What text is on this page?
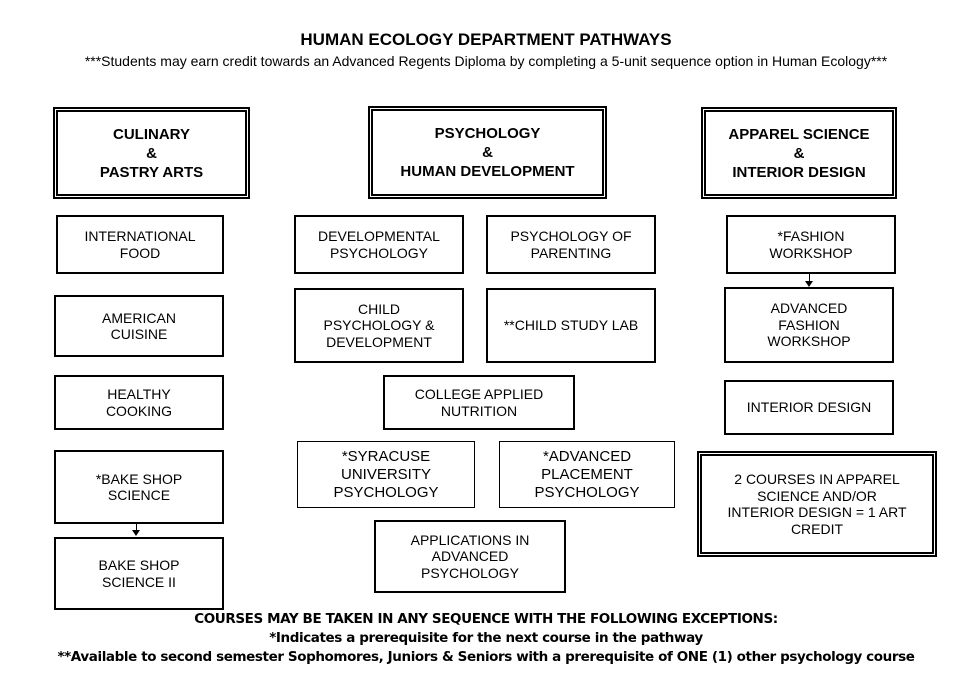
HUMAN ECOLOGY DEPARTMENT PATHWAYS
***Students may earn credit towards an Advanced Regents Diploma by completing a 5-unit sequence option in Human Ecology***
CULINARY
&
PASTRY ARTS
INTERNATIONAL
FOOD
AMERICAN
CUISINE
HEALTHY
COOKING
*BAKE SHOP
SCIENCE
BAKE SHOP
SCIENCE II
PSYCHOLOGY
&
HUMAN DEVELOPMENT
DEVELOPMENTAL
PSYCHOLOGY
PSYCHOLOGY OF
PARENTING
CHILD
PSYCHOLOGY &
DEVELOPMENT
**CHILD STUDY LAB
COLLEGE APPLIED
NUTRITION
*SYRACUSE
UNIVERSITY
PSYCHOLOGY
*ADVANCED
PLACEMENT
PSYCHOLOGY
APPLICATIONS IN
ADVANCED
PSYCHOLOGY
APPAREL SCIENCE
&
INTERIOR DESIGN
*FASHION
WORKSHOP
ADVANCED
FASHION
WORKSHOP
INTERIOR DESIGN
2 COURSES IN APPAREL
SCIENCE AND/OR
INTERIOR DESIGN = 1 ART
CREDIT
COURSES MAY BE TAKEN IN ANY SEQUENCE WITH THE FOLLOWING EXCEPTIONS:
*Indicates a prerequisite for the next course in the pathway
**Available to second semester Sophomores, Juniors & Seniors with a prerequisite of ONE (1) other psychology course
